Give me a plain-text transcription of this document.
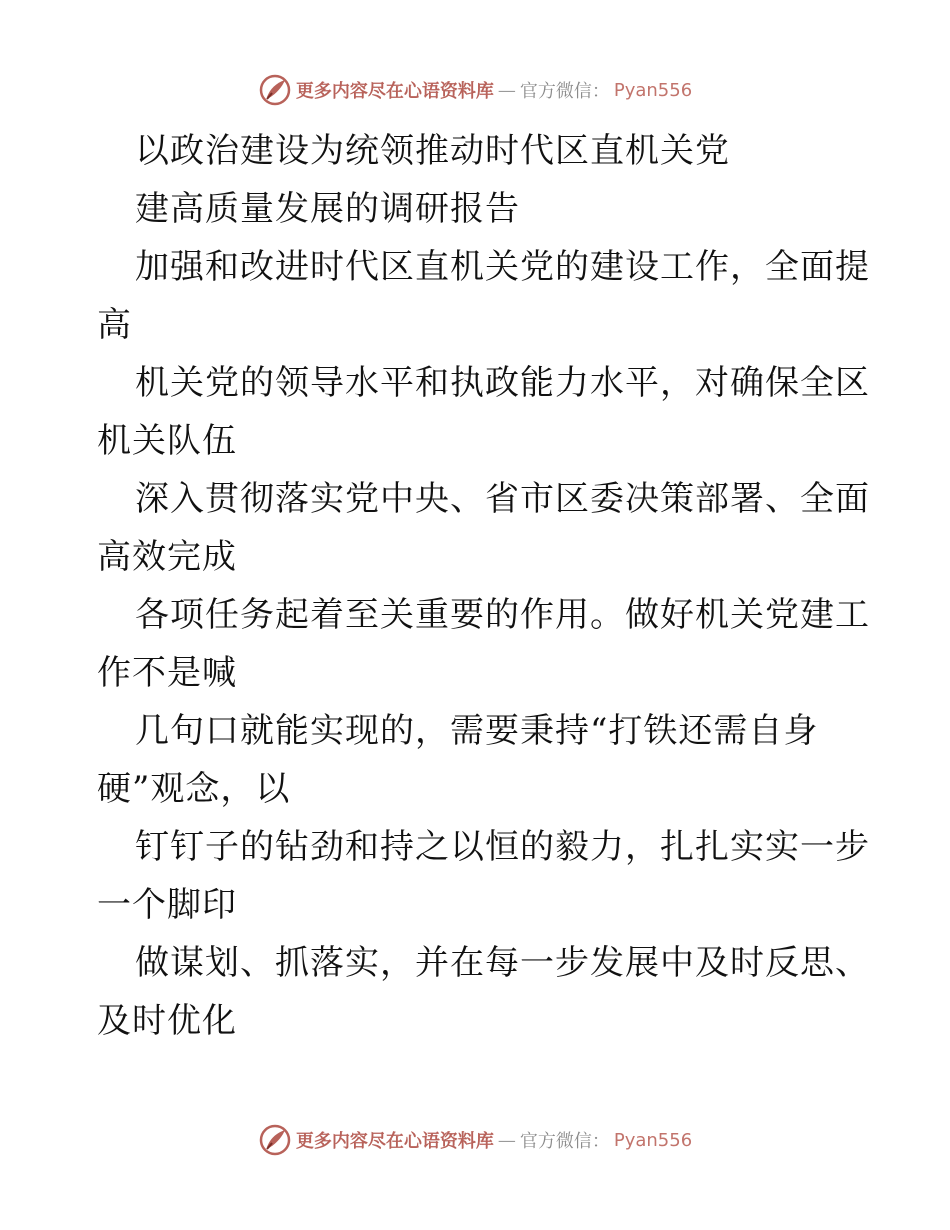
更多内容尽在心语资料库 — 官方微信： Pyan556
以政治建设为统领推动时代区直机关党
建高质量发展的调研报告
加强和改进时代区直机关党的建设工作，全面提
高
机关党的领导水平和执政能力水平，对确保全区
机关队伍
深入贯彻落实党中央、省市区委决策部署、全面
高效完成
各项任务起着至关重要的作用。做好机关党建工
作不是喊
几句口就能实现的，需要秉持“打铁还需自身
硬”观念，以
钉钉子的钻劲和持之以恒的毅力，扎扎实实一步
一个脚印
做谋划、抓落实，并在每一步发展中及时反思、
及时优化
更多内容尽在心语资料库 — 官方微信： Pyan556
